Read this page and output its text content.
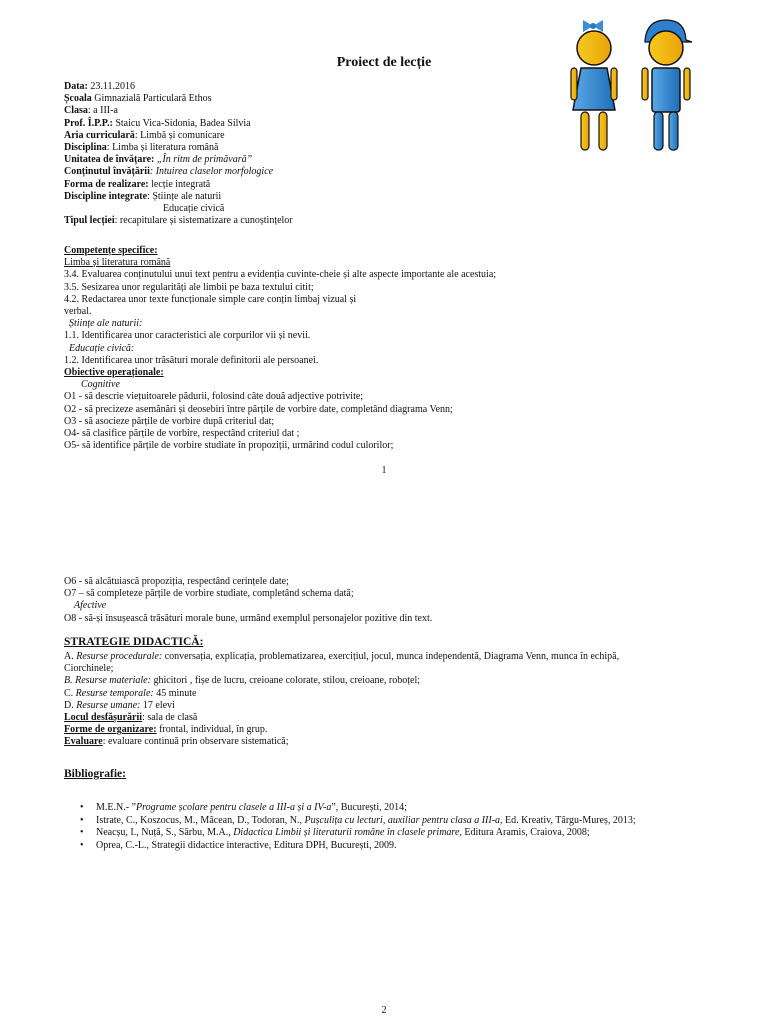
Proiect de lecție

Data: 23.11.2016

Școala Gimnazială Particulară Ethos

Clasa: a III-a

Prof. Î.P.P.: Staicu Vica-Sidonia, Badea Silvia

Aria curriculară: Limbă și comunicare

Disciplina: Limba și literatura română

Unitatea de învățare: „În ritm de primăvară”

Conținutul învățării: Intuirea claselor morfologice

Forma de realizare: lecție integrată

Discipline integrate: Științe ale naturii

Educație civică

Tipul lecției: recapitulare și sistematizare a cunoștințelor

Competențe specifice:

Limba și literatura română

3.4. Evaluarea conținutului unui text pentru a evidenția cuvinte-cheie și alte aspecte importante ale acestuia;

3.5. Sesizarea unor regularități ale limbii pe baza textului citit;

4.2. Redactarea unor texte funcționale simple care conțin limbaj vizual și

verbal.

Științe ale naturii:

1.1. Identificarea unor caracteristici ale corpurilor vii și nevii.

Educație civică:

1.2. Identificarea unor trăsături morale definitorii ale persoanei.

Obiective operaționale:

Cognitive

O1 - să descrie viețuitoarele pădurii, folosind câte două adjective potrivite;

O2 - să precizeze asemănări și deosebiri între părțile de vorbire date, completând diagrama Venn;

O3 - să asocieze părțile de vorbire după criteriul dat;

O4- să clasifice părțile de vorbire, respectând criteriul dat ;

O5- să identifice părțile de vorbire studiate în propoziții, urmărind codul culorilor;

1

O6 - să alcătuiască propoziția, respectând cerințele date;

O7 – să completeze părțile de vorbire studiate, completând schema dată;

Afective

O8 - să-și însușească trăsături morale bune, urmând exemplul personajelor pozitive din text.

STRATEGIE DIDACTICĂ:

A. Resurse procedurale: conversația, explicația, problematizarea, exercițiul, jocul, munca independentă, Diagrama Venn, munca în echipă,

Ciorchinele;

B. Resurse materiale: ghicitori , fișe de lucru, creioane colorate, stilou, creioane, roboțel;

C. Resurse temporale: 45 minute

D. Resurse umane: 17 elevi

Locul desfășurării: sala de clasă

Forme de organizare: frontal, individual, în grup.

Evaluare: evaluare continuă prin observare sistematică;

Bibliografie:
• M.E.N.- ”Programe școlare pentru clasele a III-a și a IV-a”, București, 2014;
• Istrate, C., Koszocus, M., Mâcean, D., Todoran, N., Pușculița cu lecturi, auxiliar pentru clasa a III-a, Ed. Kreativ, Târgu-Mureș, 2013;
• Neacșu, I., Nuță, S., Sârbu, M.A., Didactica Limbii și literaturii române în clasele primare, Editura Aramis, Craiova, 2008;
• Oprea, C.-L., Strategii didactice interactive, Editura DPH, București, 2009.
2
